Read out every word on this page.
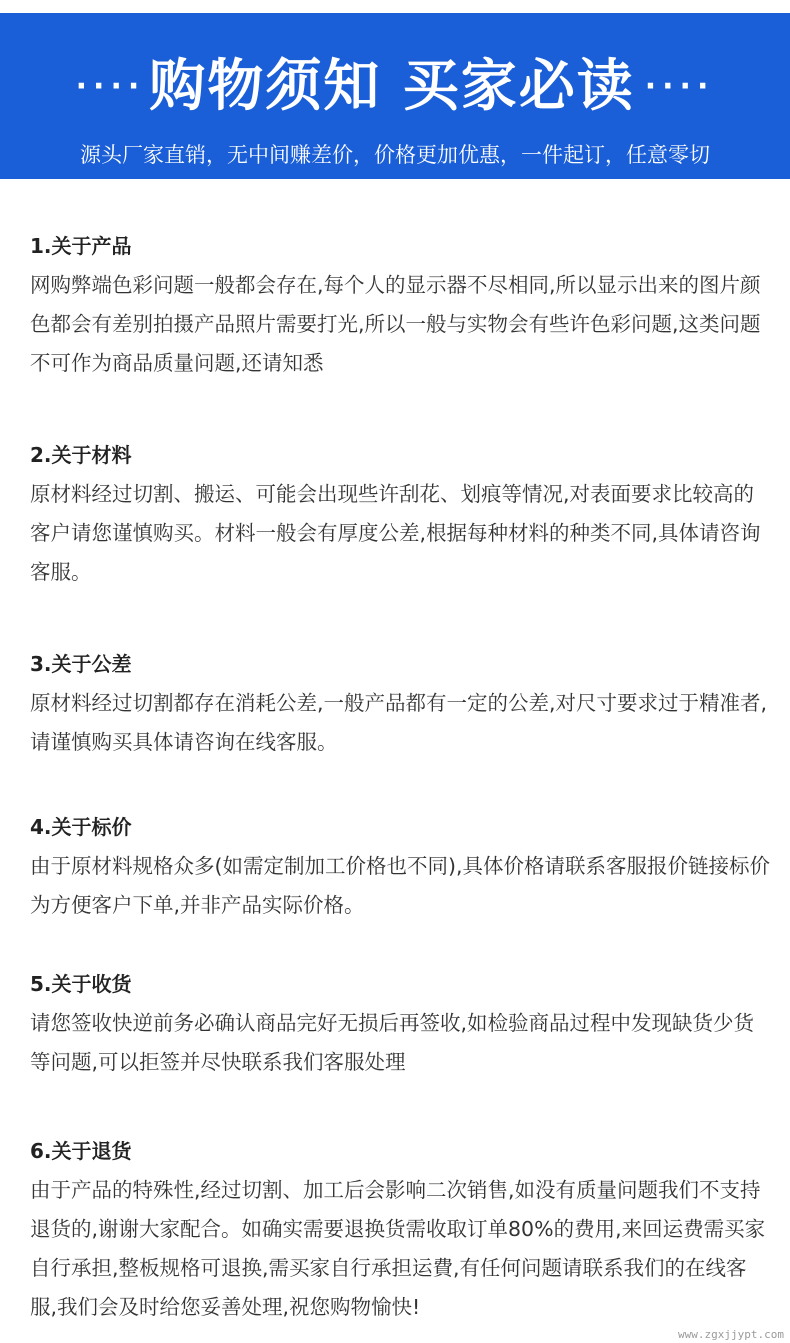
···· 购物须知 买家必读 ····
源头厂家直销，无中间赚差价，价格更加优惠，一件起订，任意零切
1.关于产品
网购弊端色彩问题一般都会存在,每个人的显示器不尽相同,所以显示出来的图片颜色都会有差别拍摄产品照片需要打光,所以一般与实物会有些许色彩问题,这类问题不可作为商品质量问题,还请知悉
2.关于材料
原材料经过切割、搬运、可能会出现些许刮花、划痕等情况,对表面要求比较高的客户请您谨慎购买。材料一般会有厚度公差,根据每种材料的种类不同,具体请咨询客服。
3.关于公差
原材料经过切割都存在消耗公差,一般产品都有一定的公差,对尺寸要求过于精准者,请谨慎购买具体请咨询在线客服。
4.关于标价
由于原材料规格众多(如需定制加工价格也不同),具体价格请联系客服报价链接标价为方便客户下单,并非产品实际价格。
5.关于收货
请您签收快逆前务必确认商品完好无损后再签收,如检验商品过程中发现缺货少货等问题,可以拒签并尽快联系我们客服处理
6.关于退货
由于产品的特殊性,经过切割、加工后会影响二次销售,如没有质量问题我们不支持退货的,谢谢大家配合。如确实需要退换货需收取订单80%的费用,来回运费需买家自行承担,整板规格可退换,需买家自行承担运費,有任何问题请联系我们的在线客服,我们会及时给您妥善处理,祝您购物愉快!
www.zgxjjypt.com
